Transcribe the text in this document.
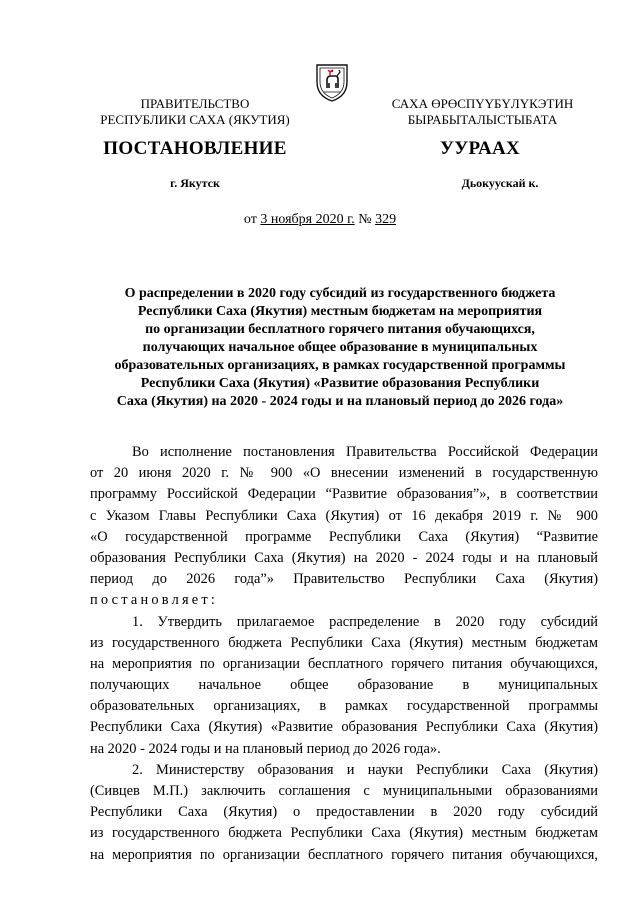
ПРАВИТЕЛЬСТВО
РЕСПУБЛИКИ САХА (ЯКУТИЯ)
САХА ӨРӨСПҮҮБҮЛҮКЭТИН
БЫРАБЫТАЛЫСТЫБАТА
ПОСТАНОВЛЕНИЕ	УУРААХ
г. Якутск	Дьокуускай к.
от 3 ноября 2020 г. № 329
О распределении в 2020 году субсидий из государственного бюджета
Республики Саха (Якутия) местным бюджетам на мероприятия
по организации бесплатного горячего питания обучающихся,
получающих начальное общее образование в муниципальных
образовательных организациях, в рамках государственной программы
Республики Саха (Якутия) «Развитие образования Республики
Саха (Якутия) на 2020 - 2024 годы и на плановый период до 2026 года»
Во исполнение постановления Правительства Российской Федерации
от 20 июня 2020 г. № 900 «О внесении изменений в государственную
программу Российской Федерации “Развитие образования”», в соответствии
с Указом Главы Республики Саха (Якутия) от 16 декабря 2019 г. № 900
«О государственной программе Республики Саха (Якутия) “Развитие
образования Республики Саха (Якутия) на 2020 - 2024 годы и на плановый
период до 2026 года”» Правительство Республики Саха (Якутия)
постановляет:
1. Утвердить прилагаемое распределение в 2020 году субсидий
из государственного бюджета Республики Саха (Якутия) местным бюджетам
на мероприятия по организации бесплатного горячего питания обучающихся,
получающих начальное общее образование в муниципальных
образовательных организациях, в рамках государственной программы
Республики Саха (Якутия) «Развитие образования Республики Саха (Якутия)
на 2020 - 2024 годы и на плановый период до 2026 года».
2. Министерству образования и науки Республики Саха (Якутия)
(Сивцев М.П.) заключить соглашения с муниципальными образованиями
Республики Саха (Якутия) о предоставлении в 2020 году субсидий
из государственного бюджета Республики Саха (Якутия) местным бюджетам
на мероприятия по организации бесплатного горячего питания обучающихся,
